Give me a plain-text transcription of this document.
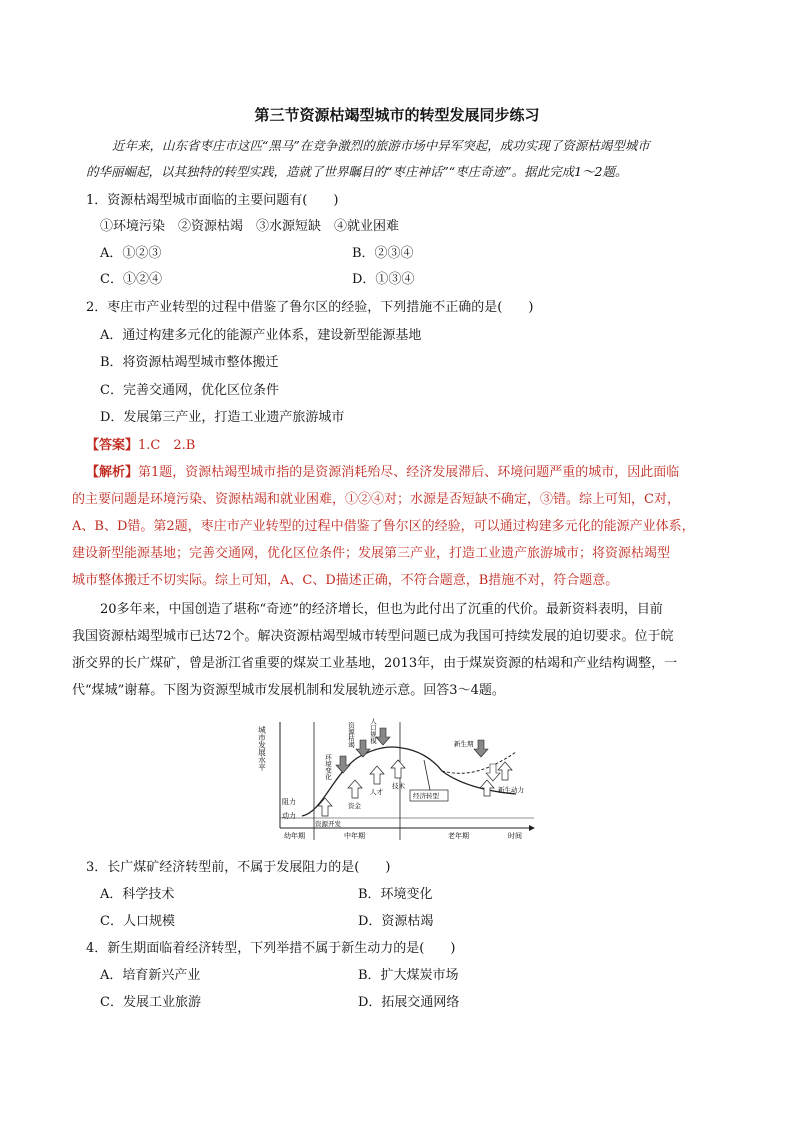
第三节资源枯竭型城市的转型发展同步练习
近年来，山东省枣庄市这匹“黑马”在竞争激烈的旅游市场中异军突起，成功实现了资源枯竭型城市
的华丽崛起，以其独特的转型实践，造就了世界瞩目的“枣庄神话”“枣庄奇迹”。据此完成1～2题。
1．资源枯竭型城市面临的主要问题有(　　)
①环境污染　②资源枯竭　③水源短缺　④就业困难
A．①②③	B．②③④
C．①②④	D．①③④
2．枣庄市产业转型的过程中借鉴了鲁尔区的经验，下列措施不正确的是(　　)
A．通过构建多元化的能源产业体系，建设新型能源基地
B．将资源枯竭型城市整体搬迁
C．完善交通网，优化区位条件
D．发展第三产业，打造工业遗产旅游城市
【答案】1.C　2.B
【解析】第1题，资源枯竭型城市指的是资源消耗殆尽、经济发展滞后、环境问题严重的城市，因此面临
的主要问题是环境污染、资源枯竭和就业困难，①②④对；水源是否短缺不确定，③错。综上可知，C对，
A、B、D错。第2题，枣庄市产业转型的过程中借鉴了鲁尔区的经验，可以通过构建多元化的能源产业体系，
建设新型能源基地；完善交通网，优化区位条件；发展第三产业，打造工业遗产旅游城市；将资源枯竭型
城市整体搬迁不切实际。综上可知，A、C、D描述正确，不符合题意，B措施不对，符合题意。
20多年来，中国创造了堪称“奇迹”的经济增长，但也为此付出了沉重的代价。最新资料表明，目前
我国资源枯竭型城市已达72个。解决资源枯竭型城市转型问题已成为我国可持续发展的迫切要求。位于皖
浙交界的长广煤矿，曾是浙江省重要的煤炭工业基地，2013年，由于煤炭资源的枯竭和产业结构调整，一
代“煤城”谢幕。下图为资源型城市发展机制和发展轨迹示意。回答3～4题。
城市发展水平
阻力
动力
环境变化
资源枯竭 人口规模
资金
人才
技术
经济转型
新生期
新生动力
资源开发
幼年期	中年期	老年期	时间
3．长广煤矿经济转型前，不属于发展阻力的是(　　)
A．科学技术	B．环境变化
C．人口规模	D．资源枯竭
4．新生期面临着经济转型，下列举措不属于新生动力的是(　　)
A．培育新兴产业	B．扩大煤炭市场
C．发展工业旅游	D．拓展交通网络
